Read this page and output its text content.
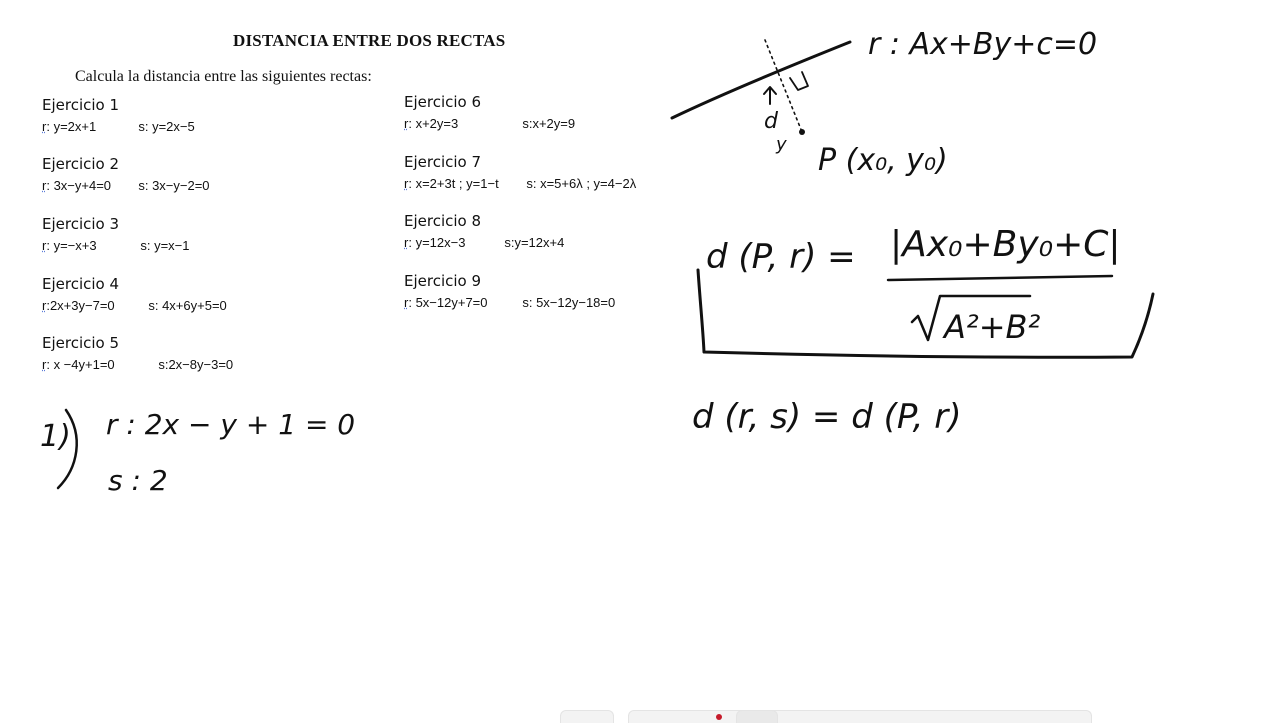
DISTANCIA ENTRE DOS RECTAS
Calcula la distancia entre las siguientes rectas:
Ejercicio 1
r: y=2x+1	s: y=2x−5
Ejercicio 2
r: 3x−y+4=0 s: 3x−y−2=0
Ejercicio 3
r: y=−x+3	s: y=x−1
Ejercicio 4
r:2x+3y−7=0	s: 4x+6y+5=0
Ejercicio 5
r: x −4y+1=0	s:2x−8y−3=0
Ejercicio 6
r: x+2y=3	s:x+2y=9
Ejercicio 7
r: x=2+3t ; y=1−t s: x=5+6λ ; y=4−2λ
Ejercicio 8
r: y=12x−3	s:y=12x+4
Ejercicio 9
r: 5x−12y+7=0	s: 5x−12y−18=0
r : Ax+By+c=0
d
y P (x₀, y₀)
d (P, r) = |Ax₀+By₀+C|
A²+B²
d (r, s) = d (P, r)
1) r : 2x − y + 1 = 0
s : 2
